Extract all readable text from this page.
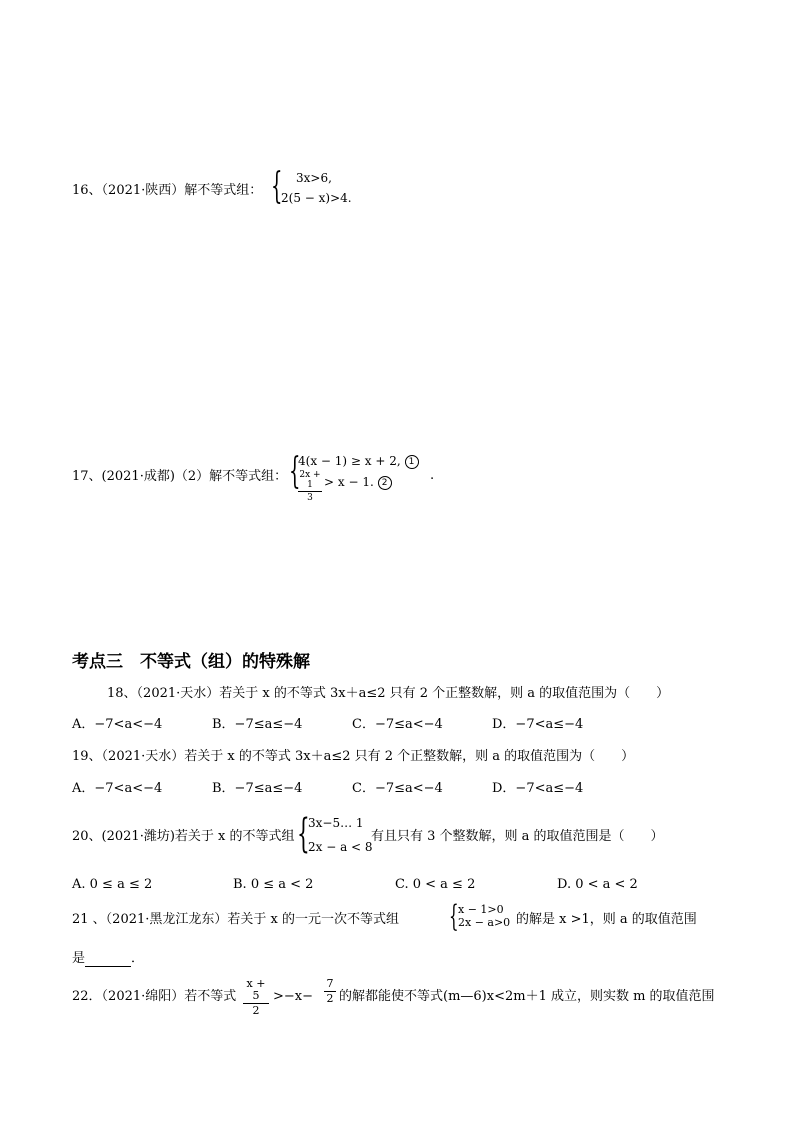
16、（2021·陕西）解不等式组： { 3x>6,
2(5 − x)>4.
17、(2021·成都)（2）解不等式组： {
4(x − 1) ≥ x + 2, 1
2x + 1
3
> x − 1. 2	.
考点三　不等式（组）的特殊解
18、（2021·天水）若关于 x 的不等式 3x＋a≤2 只有 2 个正整数解，则 a 的取值范围为（　　）
A．−7<a<−4	B．−7≤a≤−4	C．−7≤a<−4	D．−7<a≤−4
19、（2021·天水）若关于 x 的不等式 3x＋a≤2 只有 2 个正整数解，则 a 的取值范围为（　　）
A．−7<a<−4	B．−7≤a≤−4	C．−7≤a<−4	D．−7<a≤−4
20、(2021·潍坊)若关于 x 的不等式组 {
3x−5… 1
2x − a < 8
有且只有 3 个整数解，则 a 的取值范围是（　　）
A. 0 ≤ a ≤ 2	B. 0 ≤ a < 2	C. 0 < a ≤ 2	D. 0 < a < 2
21 、（2021·黑龙江龙东）若关于 x 的一元一次不等式组 { x − 1>0
2x − a>0 的解是 x >1，则 a 的取值范围
是	．
22．（2021·绵阳）若不等式
x + 5
2
>−x−
7
2 的解都能使不等式(m—6)x<2m＋1 成立，则实数 m 的取值范围
